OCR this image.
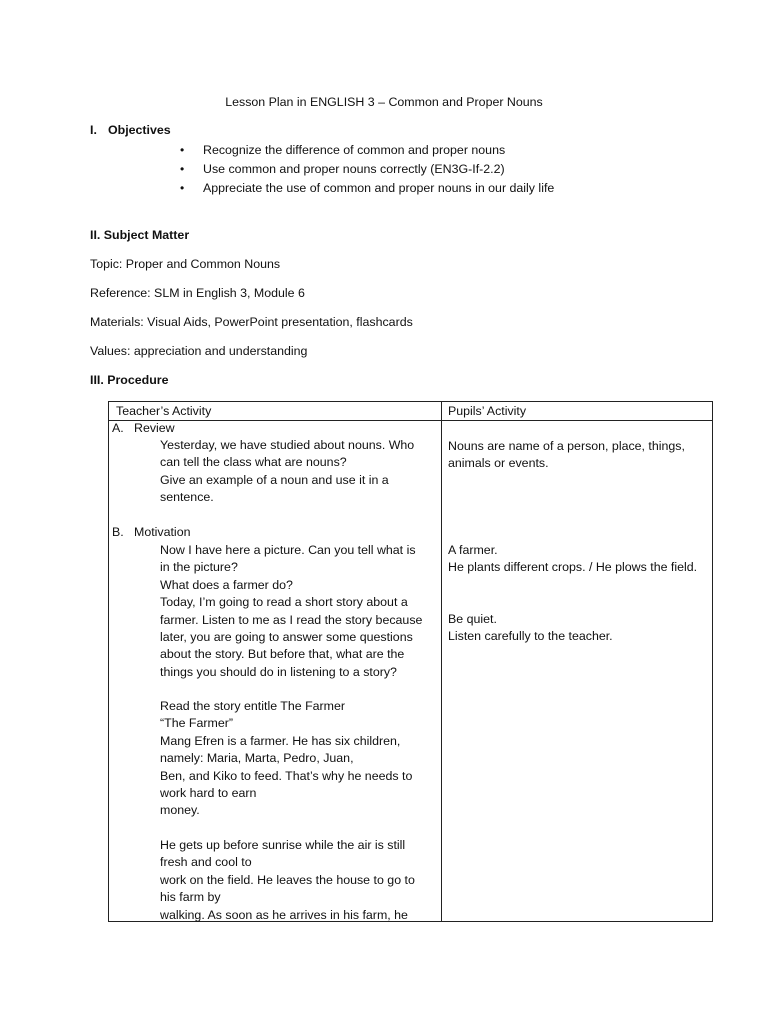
Lesson Plan in ENGLISH 3 – Common and Proper Nouns
I. Objectives
• Recognize the difference of common and proper nouns
• Use common and proper nouns correctly (EN3G-If-2.2)
• Appreciate the use of common and proper nouns in our daily life
II. Subject Matter
Topic: Proper and Common Nouns
Reference: SLM in English 3, Module 6
Materials: Visual Aids, PowerPoint presentation, flashcards
Values: appreciation and understanding
III. Procedure
Teacher’s Activity	Pupils’ Activity
A. Review
Yesterday, we have studied about nouns. Who
can tell the class what are nouns?
Give an example of a noun and use it in a
sentence.
Nouns are name of a person, place, things,
animals or events.
B. Motivation
Now I have here a picture. Can you tell what is
in the picture?
What does a farmer do?
Today, I’m going to read a short story about a
farmer. Listen to me as I read the story because
later, you are going to answer some questions
about the story. But before that, what are the
things you should do in listening to a story?
Read the story entitle The Farmer
“The Farmer”
Mang Efren is a farmer. He has six children,
namely: Maria, Marta, Pedro, Juan,
Ben, and Kiko to feed. That’s why he needs to
work hard to earn
money.
He gets up before sunrise while the air is still
fresh and cool to
work on the field. He leaves the house to go to
his farm by
walking. As soon as he arrives in his farm, he
A farmer.
He plants different crops. / He plows the field.
Be quiet.
Listen carefully to the teacher.
